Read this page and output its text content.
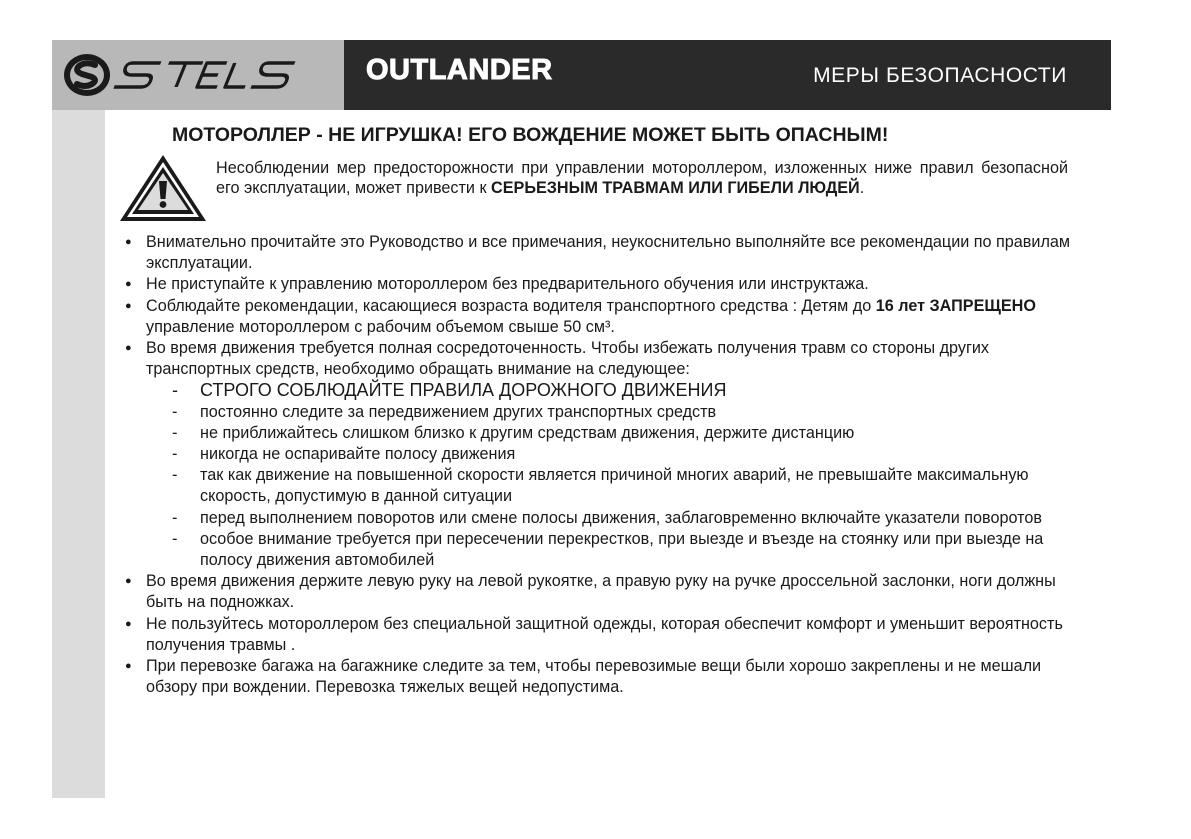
OUTLANDER	МЕРЫ БЕЗОПАСНОСТИ
МОТОРОЛЛЕР - НЕ ИГРУШКА! ЕГО ВОЖДЕНИЕ МОЖЕТ БЫТЬ ОПАСНЫМ!
Несоблюдении мер предосторожности при управлении мотороллером, изложенных ниже правил безопасной его эксплуатации, может привести к СЕРЬЕЗНЫМ ТРАВМАМ ИЛИ ГИБЕЛИ ЛЮДЕЙ.
● Внимательно прочитайте это Руководство и все примечания, неукоснительно выполняйте все рекомендации по правилам эксплуатации.
● Не приступайте к управлению мотороллером без предварительного обучения или инструктажа.
● Соблюдайте рекомендации, касающиеся возраста водителя транспортного средства : Детям до 16 лет ЗАПРЕЩЕНО управление мотороллером с рабочим объемом свыше 50 см³.
● Во время движения требуется полная сосредоточенность. Чтобы избежать получения травм со стороны других транспортных средств, необходимо обращать внимание на следующее:
-	СТРОГО СОБЛЮДАЙТЕ ПРАВИЛА ДОРОЖНОГО ДВИЖЕНИЯ
-	постоянно следите за передвижением других транспортных средств
-	не приближайтесь слишком близко к другим средствам движения, держите дистанцию
-	никогда не оспаривайте полосу движения
-	так как движение на повышенной скорости является причиной многих аварий, не превышайте максимальную скорость, допустимую в данной ситуации
-	перед выполнением поворотов или смене полосы движения, заблаговременно включайте указатели поворотов
-	особое внимание требуется при пересечении перекрестков, при выезде и въезде на стоянку или при выезде на полосу движения автомобилей
● Во время движения держите левую руку на левой рукоятке, а правую руку на ручке дроссельной заслонки, ноги должны быть на подножках.
● Не пользуйтесь мотороллером без специальной защитной одежды, которая обеспечит комфорт и уменьшит вероятность получения травмы .
● При перевозке багажа на багажнике следите за тем, чтобы перевозимые вещи были хорошо закреплены и не мешали обзору при вождении. Перевозка тяжелых вещей недопустима.
